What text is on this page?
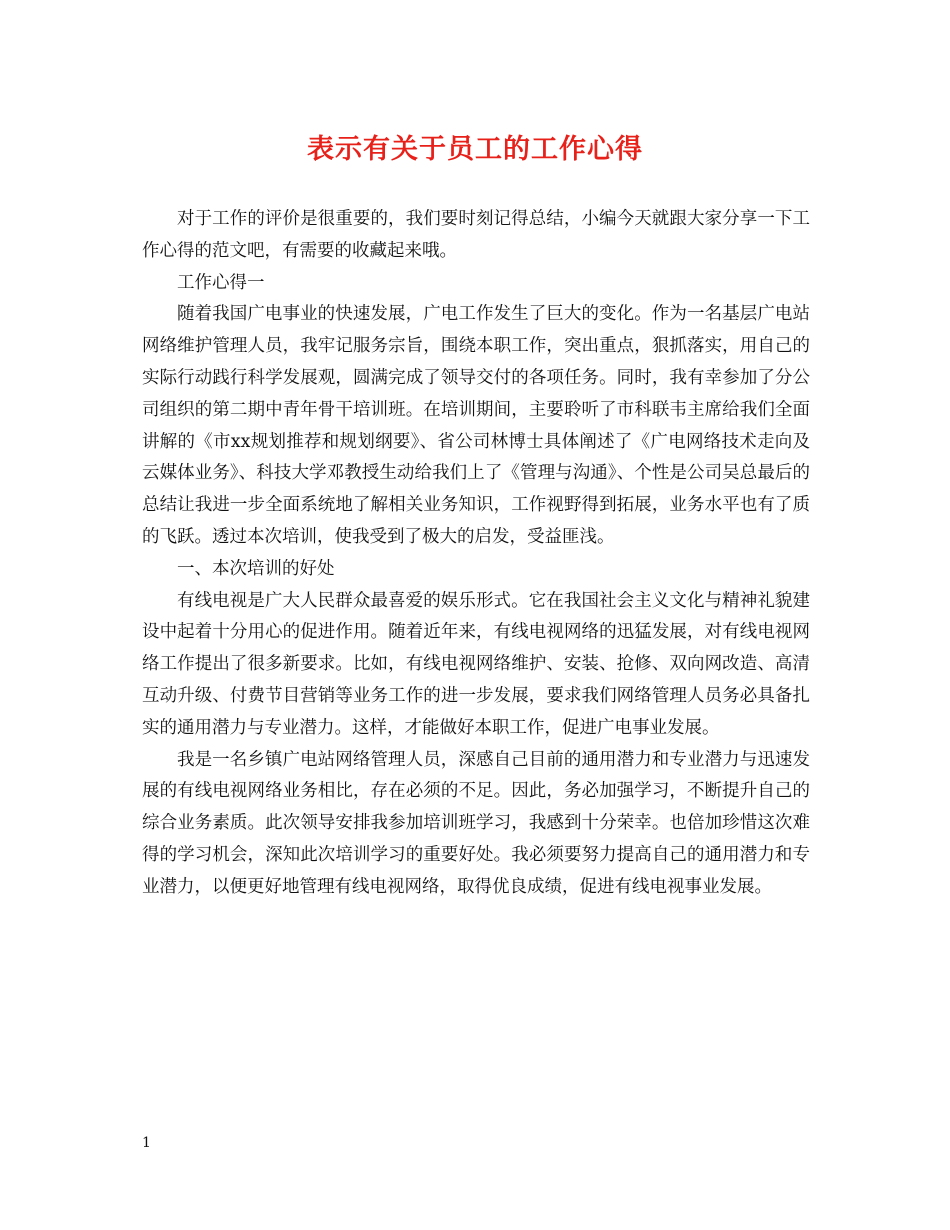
表示有关于员工的工作心得

对于工作的评价是很重要的，我们要时刻记得总结，小编今天就跟大家分享一下工作心得的范文吧，有需要的收藏起来哦。

工作心得一

随着我国广电事业的快速发展，广电工作发生了巨大的变化。作为一名基层广电站网络维护管理人员，我牢记服务宗旨，围绕本职工作，突出重点，狠抓落实，用自己的实际行动践行科学发展观，圆满完成了领导交付的各项任务。同时，我有幸参加了分公司组织的第二期中青年骨干培训班。在培训期间，主要聆听了市科联韦主席给我们全面讲解的《市xx规划推荐和规划纲要》、省公司林博士具体阐述了《广电网络技术走向及云媒体业务》、科技大学邓教授生动给我们上了《管理与沟通》、个性是公司吴总最后的总结让我进一步全面系统地了解相关业务知识，工作视野得到拓展，业务水平也有了质的飞跃。透过本次培训，使我受到了极大的启发，受益匪浅。

一、本次培训的好处

有线电视是广大人民群众最喜爱的娱乐形式。它在我国社会主义文化与精神礼貌建设中起着十分用心的促进作用。随着近年来，有线电视网络的迅猛发展，对有线电视网络工作提出了很多新要求。比如，有线电视网络维护、安装、抢修、双向网改造、高清互动升级、付费节目营销等业务工作的进一步发展，要求我们网络管理人员务必具备扎实的通用潜力与专业潜力。这样，才能做好本职工作，促进广电事业发展。

我是一名乡镇广电站网络管理人员，深感自己目前的通用潜力和专业潜力与迅速发展的有线电视网络业务相比，存在必须的不足。因此，务必加强学习，不断提升自己的综合业务素质。此次领导安排我参加培训班学习，我感到十分荣幸。也倍加珍惜这次难得的学习机会，深知此次培训学习的重要好处。我必须要努力提高自己的通用潜力和专业潜力，以便更好地管理有线电视网络，取得优良成绩，促进有线电视事业发展。

1
